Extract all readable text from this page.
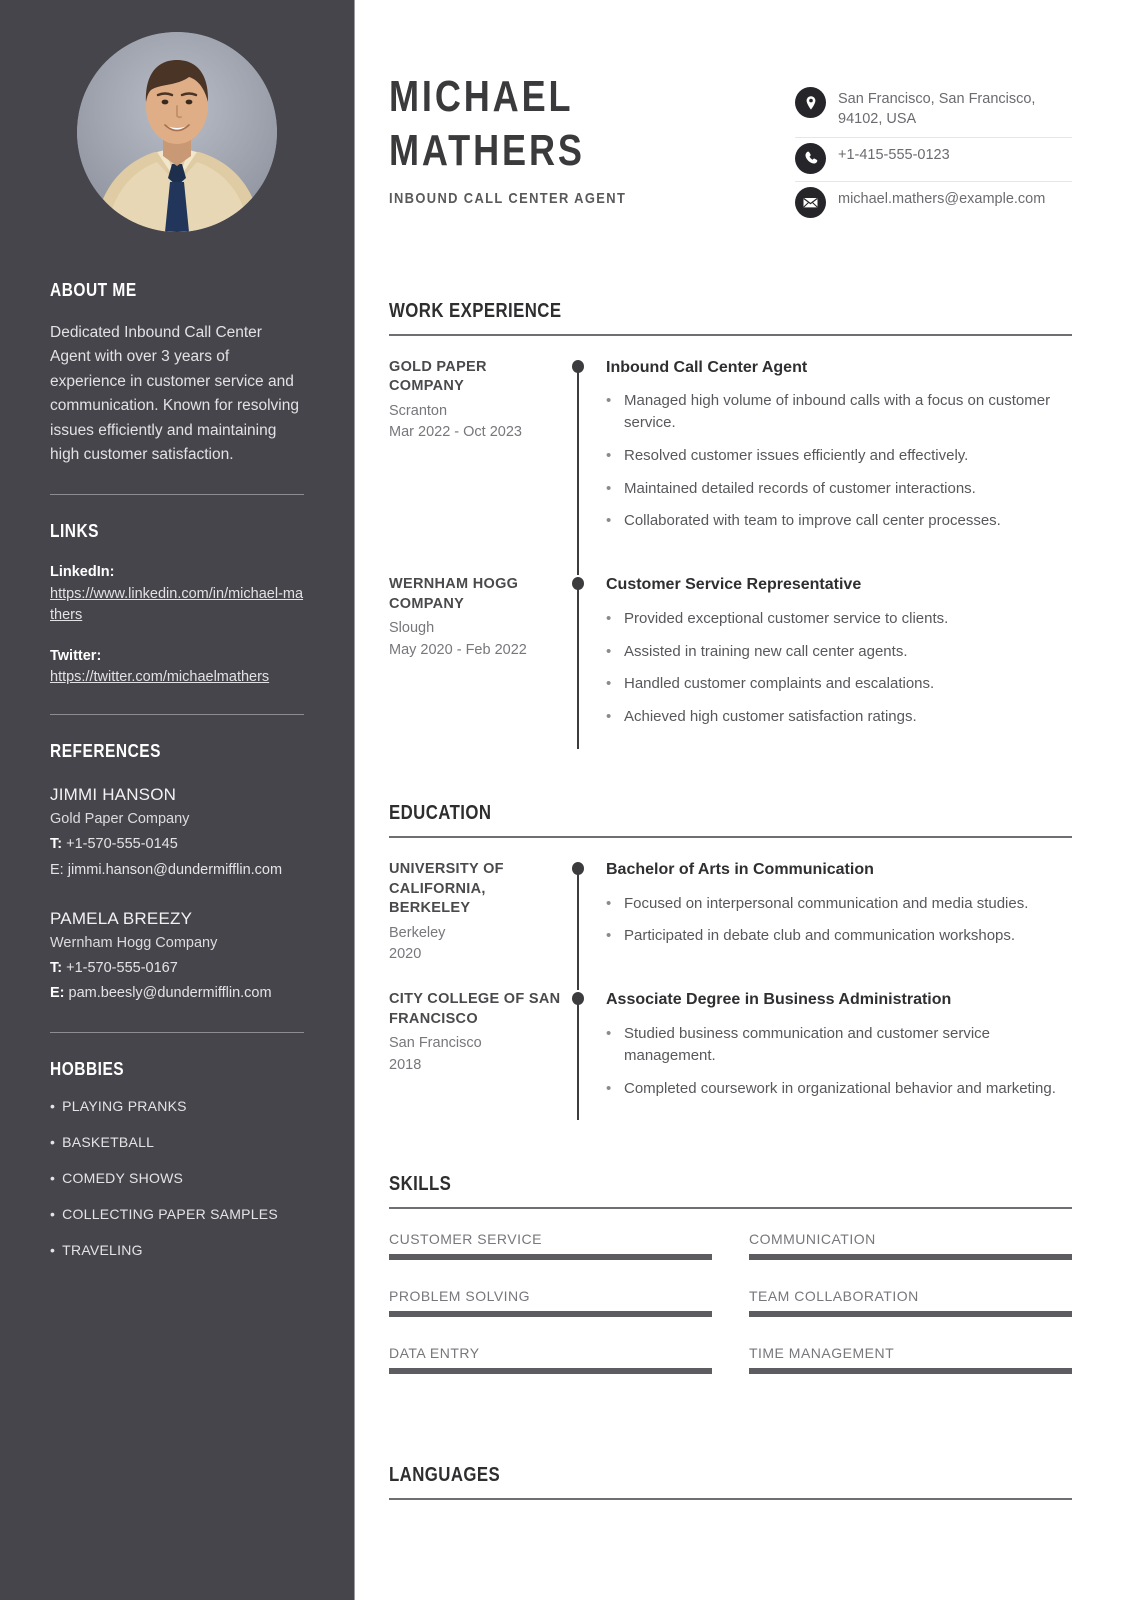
ABOUT ME

Dedicated Inbound Call Center Agent with over 3 years of experience in customer service and communication. Known for resolving issues efficiently and maintaining high customer satisfaction.

LINKS
LinkedIn:
https://www.linkedin.com/in/michael-mathers
Twitter:
https://twitter.com/michaelmathers
REFERENCES
JIMMI HANSON
Gold Paper Company
T: +1-570-555-0145
E: jimmi.hanson@dundermifflin.com
PAMELA BREEZY
Wernham Hogg Company
T: +1-570-555-0167
E: pam.beesly@dundermifflin.com
HOBBIES
• PLAYING PRANKS
• BASKETBALL
• COMEDY SHOWS
• COLLECTING PAPER SAMPLES
• TRAVELING
MICHAEL
MATHERS
INBOUND CALL CENTER AGENT
San Francisco, San Francisco, 94102, USA
+1-415-555-0123
michael.mathers@example.com
WORK EXPERIENCE
GOLD PAPER COMPANY
Scranton
Mar 2022 - Oct 2023
Inbound Call Center Agent
• Managed high volume of inbound calls with a focus on customer service.
• Resolved customer issues efficiently and effectively.
• Maintained detailed records of customer interactions.
• Collaborated with team to improve call center processes.
WERNHAM HOGG COMPANY
Slough
May 2020 - Feb 2022
Customer Service Representative
• Provided exceptional customer service to clients.
• Assisted in training new call center agents.
• Handled customer complaints and escalations.
• Achieved high customer satisfaction ratings.
EDUCATION
UNIVERSITY OF CALIFORNIA, BERKELEY
Berkeley
2020
Bachelor of Arts in Communication
• Focused on interpersonal communication and media studies.
• Participated in debate club and communication workshops.
CITY COLLEGE OF SAN FRANCISCO
San Francisco
2018
Associate Degree in Business Administration
• Studied business communication and customer service management.
• Completed coursework in organizational behavior and marketing.
SKILLS
CUSTOMER SERVICE	COMMUNICATION
PROBLEM SOLVING	TEAM COLLABORATION
DATA ENTRY	TIME MANAGEMENT
LANGUAGES
